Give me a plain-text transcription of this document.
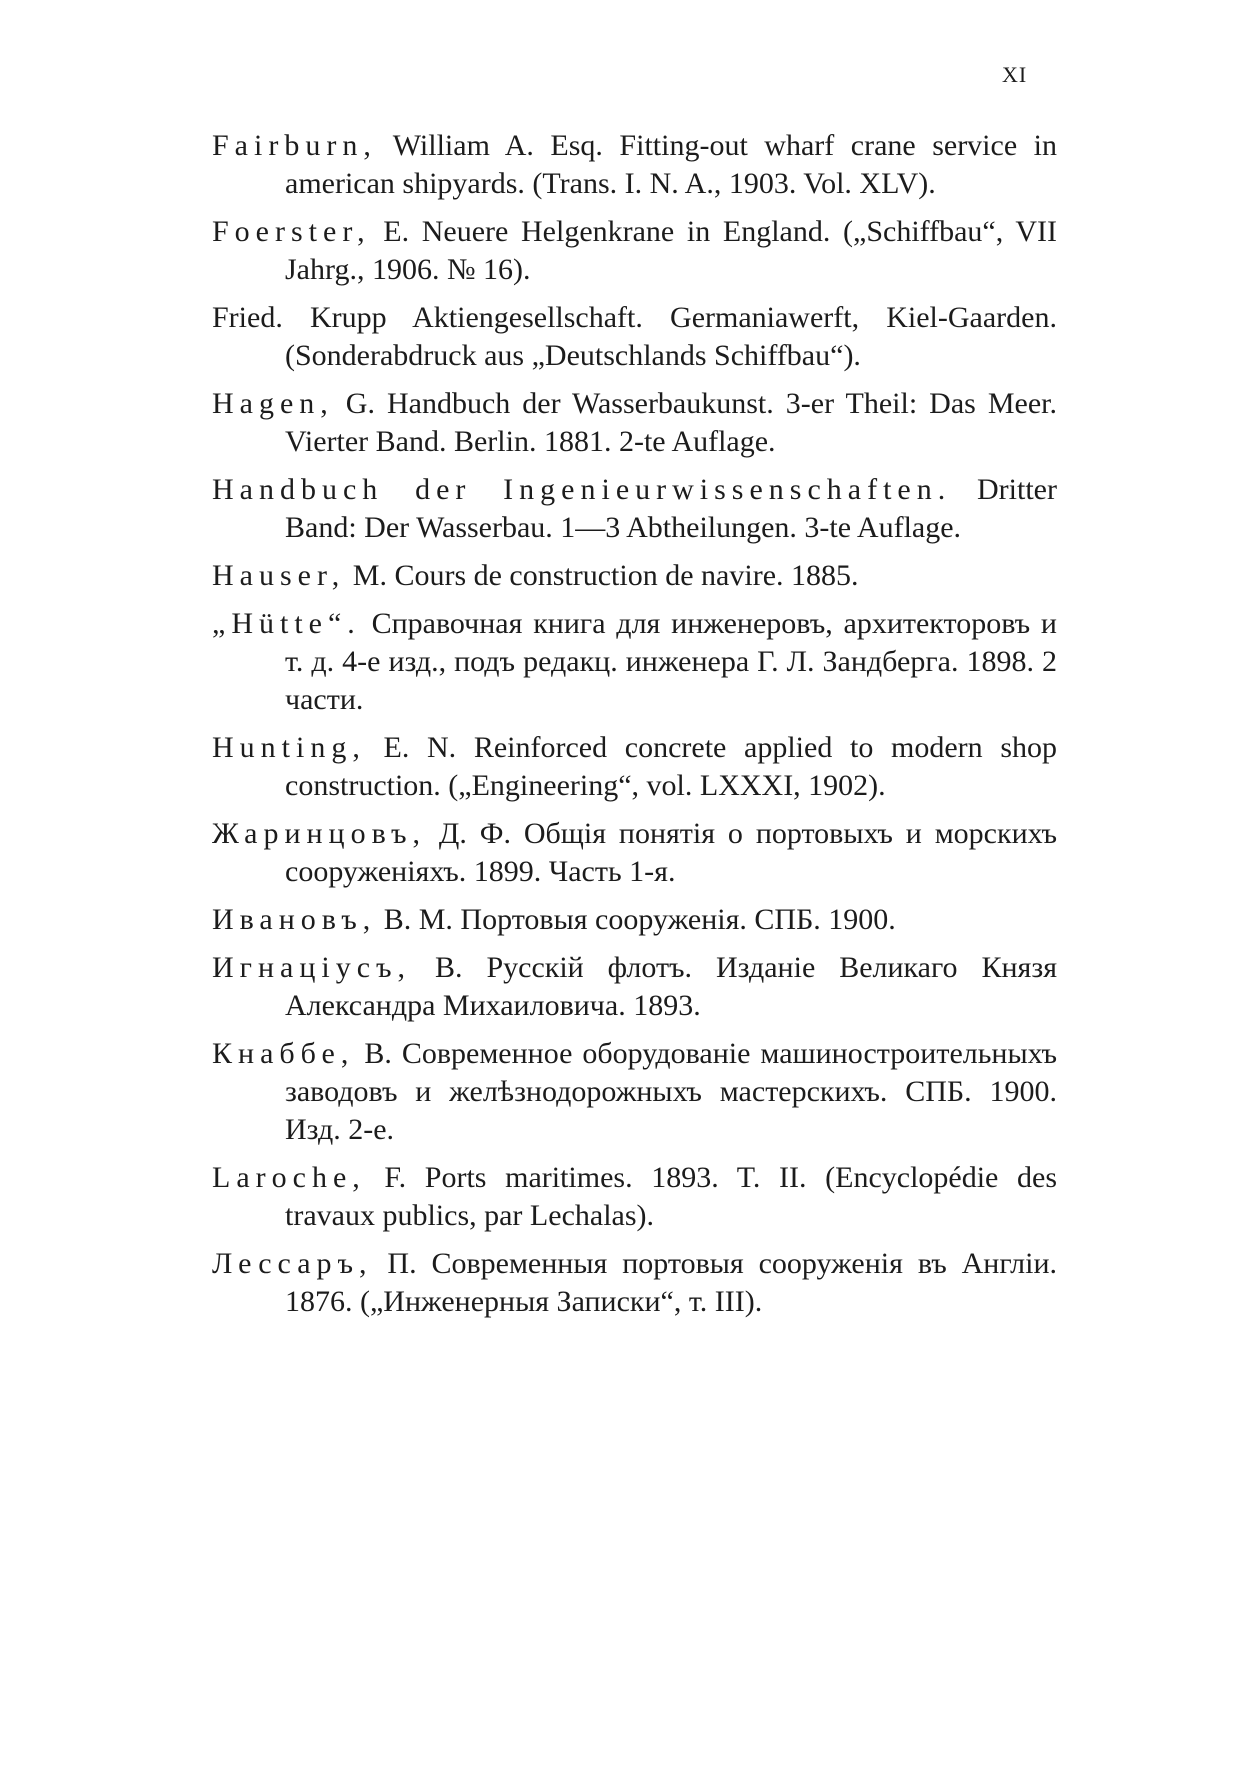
XI

Fairburn, William A. Esq. Fitting-out wharf crane service in american shipyards. (Trans. I. N. A., 1903. Vol. XLV).

Foerster, E. Neuere Helgenkrane in England. („Schiffbau“, VII Jahrg., 1906. № 16).

Fried. Krupp Aktiengesellschaft. Germaniawerft, Kiel-Gaarden. (Sonderabdruck aus „Deutschlands Schiffbau“).

Hagen, G. Handbuch der Wasserbaukunst. 3-er Theil: Das Meer. Vierter Band. Berlin. 1881. 2-te Auflage.

Handbuch der Ingenieurwissenschaften. Dritter Band: Der Wasserbau. 1—3 Abtheilungen. 3-te Auflage.

Hauser, M. Cours de construction de navire. 1885.

„Hütte“. Справочная книга для инженеровъ, архитекторовъ и т. д. 4-е изд., подъ редакц. инженера Г. Л. Зандберга. 1898. 2 части.

Hunting, E. N. Reinforced concrete applied to modern shop construction. („Engineering“, vol. LXXXI, 1902).

Жаринцовъ, Д. Ф. Общія понятія о портовыхъ и морскихъ сооруженіяхъ. 1899. Часть 1-я.

Ивановъ, В. М. Портовыя сооруженія. СПБ. 1900.

Игнаціусъ, В. Русскій флотъ. Изданіе Великаго Князя Александра Михаиловича. 1893.

Кнаббе, В. Современное оборудованіе машиностроительныхъ заводовъ и желѣзнодорожныхъ мастерскихъ. СПБ. 1900. Изд. 2-е.

Laroche, F. Ports maritimes. 1893. T. II. (Encyclopédie des travaux publics, par Lechalas).

Лессаръ, П. Современныя портовыя сооруженія въ Англіи. 1876. („Инженерныя Записки“, т. III).
